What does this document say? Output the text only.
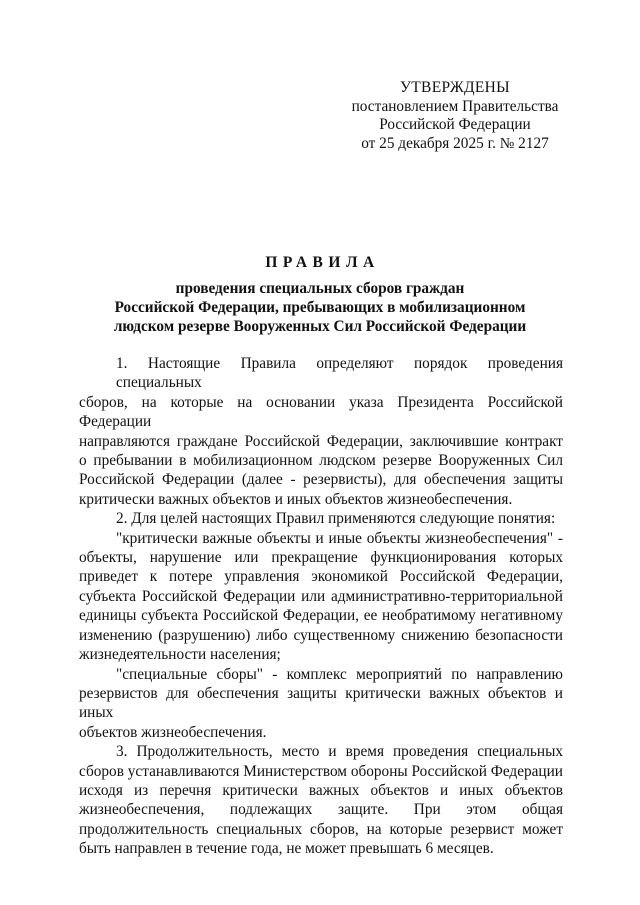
УТВЕРЖДЕНЫ
постановлением Правительства
Российской Федерации
от 25 декабря 2025 г. № 2127
ПРАВИЛА
проведения специальных сборов граждан
Российской Федерации, пребывающих в мобилизационном
людском резерве Вооруженных Сил Российской Федерации

1. Настоящие Правила определяют порядок проведения специальных
сборов, на которые на основании указа Президента Российской Федерации
направляются граждане Российской Федерации, заключившие контракт
о пребывании в мобилизационном людском резерве Вооруженных Сил
Российской Федерации (далее - резервисты), для обеспечения защиты
критически важных объектов и иных объектов жизнеобеспечения.

2. Для целей настоящих Правил применяются следующие понятия:

"критически важные объекты и иные объекты жизнеобеспечения" -
объекты, нарушение или прекращение функционирования которых
приведет к потере управления экономикой Российской Федерации,
субъекта Российской Федерации или административно-территориальной
единицы субъекта Российской Федерации, ее необратимому негативному
изменению (разрушению) либо существенному снижению безопасности
жизнедеятельности населения;

"специальные сборы" - комплекс мероприятий по направлению
резервистов для обеспечения защиты критически важных объектов и иных
объектов жизнеобеспечения.

3. Продолжительность, место и время проведения специальных
сборов устанавливаются Министерством обороны Российской Федерации
исходя из перечня критически важных объектов и иных объектов
жизнеобеспечения, подлежащих защите. При этом общая
продолжительность специальных сборов, на которые резервист может
быть направлен в течение года, не может превышать 6 месяцев.
